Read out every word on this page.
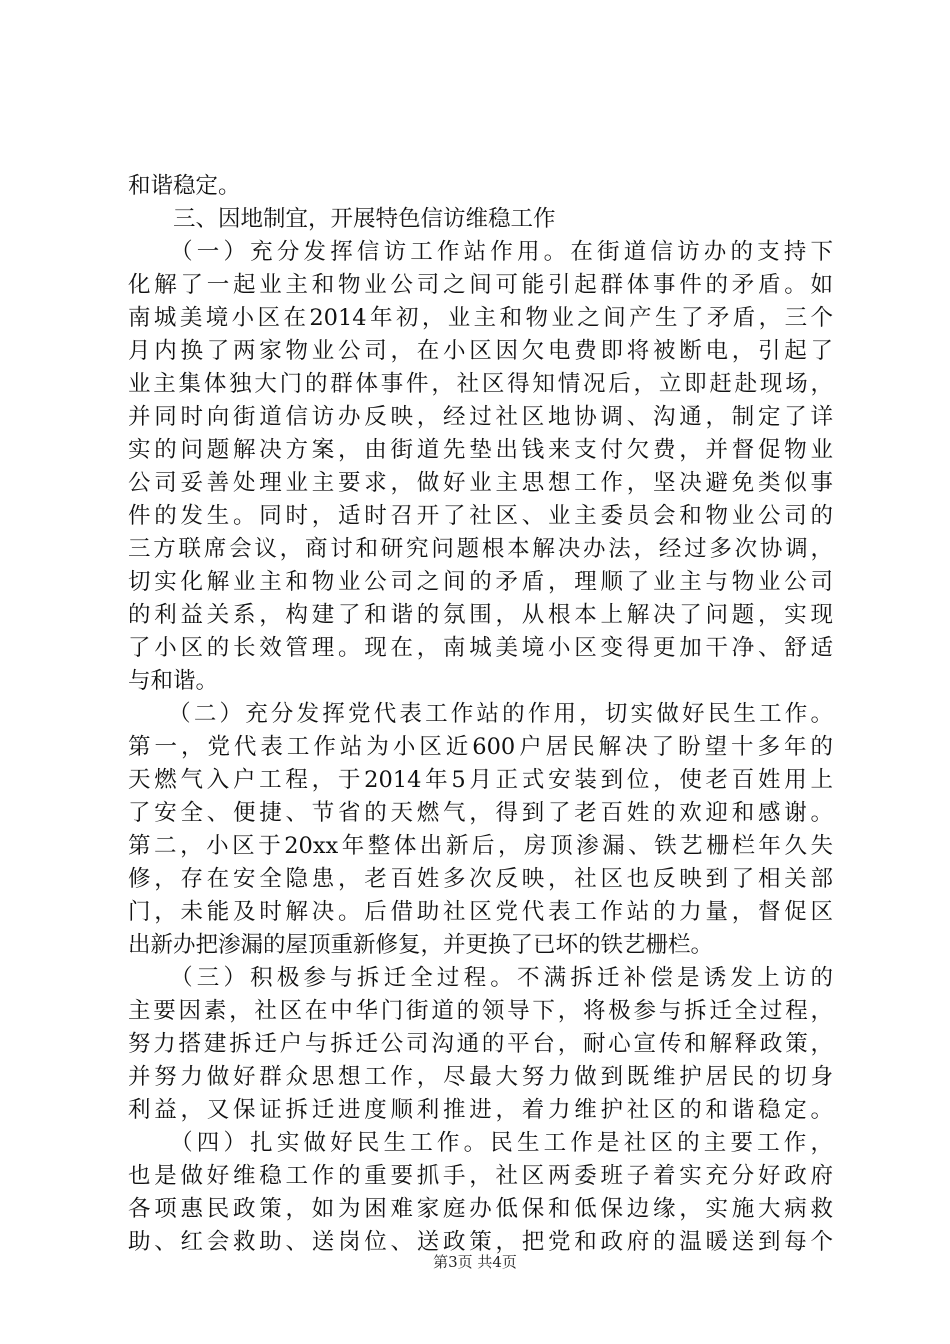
和谐稳定。
　　三、因地制宜，开展特色信访维稳工作
　　（一）充分发挥信访工作站作用。在街道信访办的支持下
化解了一起业主和物业公司之间可能引起群体事件的矛盾。如
南城美境小区在2014年初，业主和物业之间产生了矛盾，三个
月内换了两家物业公司，在小区因欠电费即将被断电，引起了
业主集体独大门的群体事件，社区得知情况后，立即赶赴现场，
并同时向街道信访办反映，经过社区地协调、沟通，制定了详
实的问题解决方案，由街道先垫出钱来支付欠费，并督促物业
公司妥善处理业主要求，做好业主思想工作，坚决避免类似事
件的发生。同时，适时召开了社区、业主委员会和物业公司的
三方联席会议，商讨和研究问题根本解决办法，经过多次协调，
切实化解业主和物业公司之间的矛盾，理顺了业主与物业公司
的利益关系，构建了和谐的氛围，从根本上解决了问题，实现
了小区的长效管理。现在，南城美境小区变得更加干净、舒适
与和谐。
　　（二）充分发挥党代表工作站的作用，切实做好民生工作。
第一，党代表工作站为小区近600户居民解决了盼望十多年的
天燃气入户工程，于2014年5月正式安装到位，使老百姓用上
了安全、便捷、节省的天燃气，得到了老百姓的欢迎和感谢。
第二，小区于20xx年整体出新后，房顶渗漏、铁艺栅栏年久失
修，存在安全隐患，老百姓多次反映，社区也反映到了相关部
门，未能及时解决。后借助社区党代表工作站的力量，督促区
出新办把渗漏的屋顶重新修复，并更换了已坏的铁艺栅栏。
　　（三）积极参与拆迁全过程。不满拆迁补偿是诱发上访的
主要因素，社区在中华门街道的领导下，将极参与拆迁全过程，
努力搭建拆迁户与拆迁公司沟通的平台，耐心宣传和解释政策，
并努力做好群众思想工作，尽最大努力做到既维护居民的切身
利益，又保证拆迁进度顺利推进，着力维护社区的和谐稳定。
　　（四）扎实做好民生工作。民生工作是社区的主要工作，
也是做好维稳工作的重要抓手，社区两委班子着实充分好政府
各项惠民政策，如为困难家庭办低保和低保边缘，实施大病救
助、红会救助、送岗位、送政策，把党和政府的温暖送到每个
第3页 共4页
